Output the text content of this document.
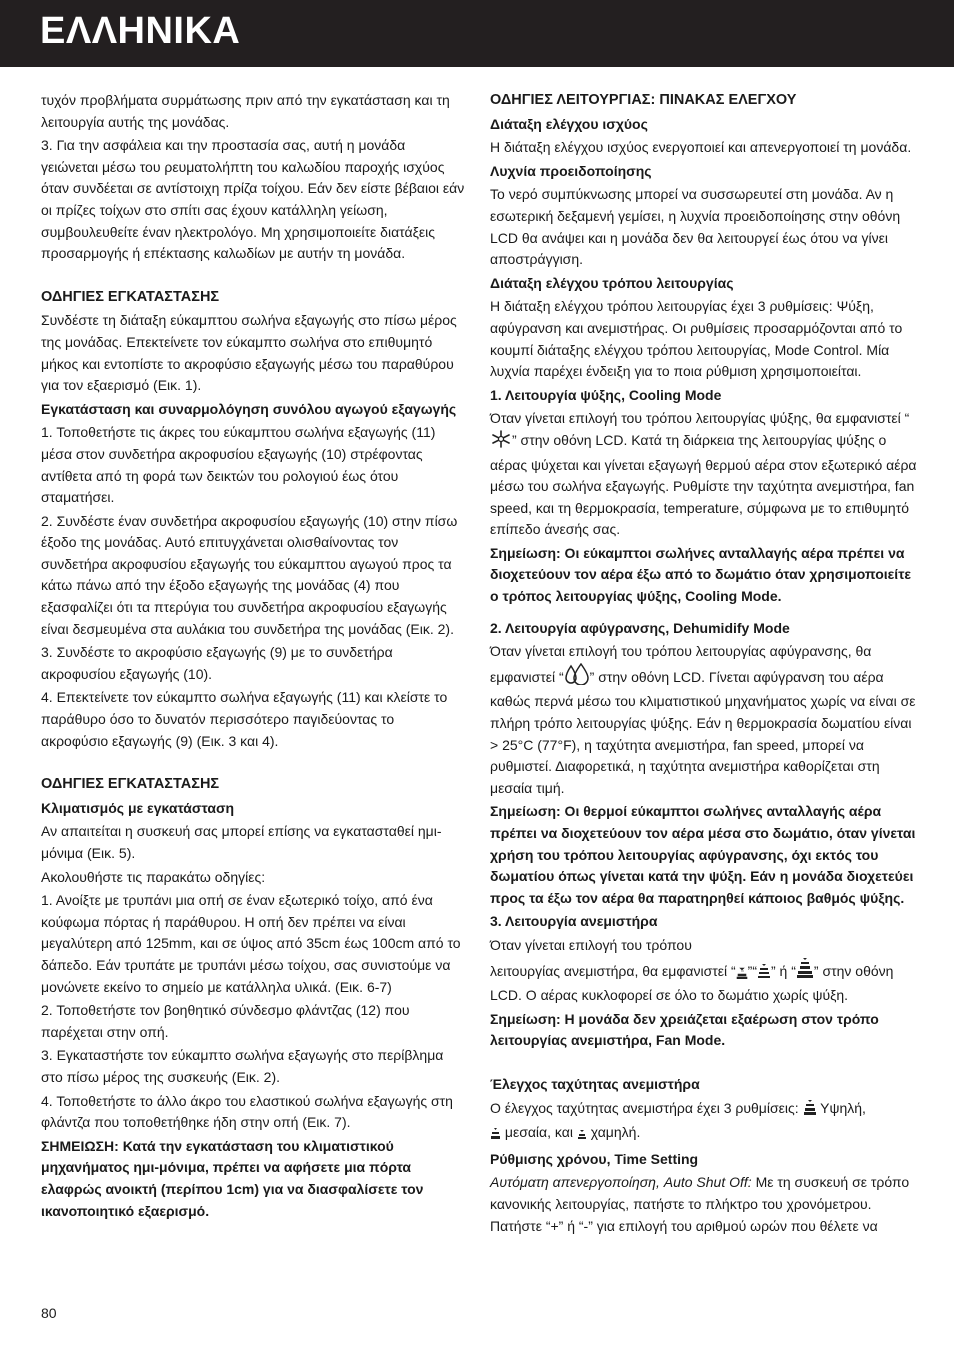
ΕΛΛΗΝΙΚΑ

τυχόν προβλήματα συρμάτωσης πριν από την εγκατάσταση και τη λειτουργία αυτής της μονάδας.

3. Για την ασφάλεια και την προστασία σας, αυτή η μονάδα γειώνεται μέσω του ρευματολήπτη του καλωδίου παροχής ισχύος όταν συνδέεται σε αντίστοιχη πρίζα τοίχου. Εάν δεν είστε βέβαιοι εάν οι πρίζες τοίχων στο σπίτι σας έχουν κατάλληλη γείωση, συμβουλευθείτε έναν ηλεκτρολόγο. Μη χρησιμοποιείτε διατάξεις προσαρμογής ή επέκτασης καλωδίων με αυτήν τη μονάδα.

ΟΔΗΓΙΕΣ ΕΓΚΑΤΑΣΤΑΣΗΣ

Συνδέστε τη διάταξη εύκαμπτου σωλήνα εξαγωγής στο πίσω μέρος της μονάδας. Επεκτείνετε τον εύκαμπτο σωλήνα στο επιθυμητό μήκος και εντοπίστε το ακροφύσιο εξαγωγής μέσω του παραθύρου για τον εξαερισμό (Εικ. 1).

Εγκατάσταση και συναρμολόγηση συνόλου αγωγού εξαγωγής

1. Τοποθετήστε τις άκρες του εύκαμπτου σωλήνα εξαγωγής (11) μέσα στον συνδετήρα ακροφυσίου εξαγωγής (10) στρέφοντας αντίθετα από τη φορά των δεικτών του ρολογιού έως ότου σταματήσει.

2. Συνδέστε έναν συνδετήρα ακροφυσίου εξαγωγής (10) στην πίσω έξοδο της μονάδας. Αυτό επιτυγχάνεται ολισθαίνοντας τον συνδετήρα ακροφυσίου εξαγωγής του εύκαμπτου αγωγού προς τα κάτω πάνω από την έξοδο εξαγωγής της μονάδας (4) που εξασφαλίζει ότι τα πτερύγια του συνδετήρα ακροφυσίου εξαγωγής είναι δεσμευμένα στα αυλάκια του συνδετήρα της μονάδας (Εικ. 2).

3. Συνδέστε το ακροφύσιο εξαγωγής (9) με το συνδετήρα ακροφυσίου εξαγωγής (10).

4. Επεκτείνετε τον εύκαμπτο σωλήνα εξαγωγής (11) και κλείστε το παράθυρο όσο το δυνατόν περισσότερο παγιδεύοντας το ακροφύσιο εξαγωγής (9) (Εικ. 3 και 4).

ΟΔΗΓΙΕΣ ΕΓΚΑΤΑΣΤΑΣΗΣ

Κλιματισμός με εγκατάσταση

Αν απαιτείται η συσκευή σας μπορεί επίσης να εγκατασταθεί ημι-μόνιμα (Εικ. 5).

Ακολουθήστε τις παρακάτω οδηγίες:

1. Ανοίξτε με τρυπάνι μια οπή σε έναν εξωτερικό τοίχο, από ένα κούφωμα πόρτας ή παράθυρου. Η οπή δεν πρέπει να είναι μεγαλύτερη από 125mm, και σε ύψος από 35cm έως 100cm από το δάπεδο. Εάν τρυπάτε με τρυπάνι μέσω τοίχου, σας συνιστούμε να μονώνετε εκείνο το σημείο με κατάλληλα υλικά. (Εικ. 6-7)

2. Τοποθετήστε τον βοηθητικό σύνδεσμο φλάντζας (12) που παρέχεται στην οπή.

3. Εγκαταστήστε τον εύκαμπτο σωλήνα εξαγωγής στο περίβλημα στο πίσω μέρος της συσκευής (Εικ. 2).

4. Τοποθετήστε το άλλο άκρο του ελαστικού σωλήνα εξαγωγής στη φλάντζα που τοποθετήθηκε ήδη στην οπή (Εικ. 7).

ΣΗΜΕΙΩΣΗ: Κατά την εγκατάσταση του κλιματιστικού μηχανήματος ημι-μόνιμα, πρέπει να αφήσετε μια πόρτα ελαφρώς ανοικτή (περίπου 1cm) για να διασφαλίσετε τον ικανοποιητικό εξαερισμό.

ΟΔΗΓΙΕΣ ΛΕΙΤΟΥΡΓΙΑΣ: ΠΙΝΑΚΑΣ ΕΛΕΓΧΟΥ

Διάταξη ελέγχου ισχύος

Η διάταξη ελέγχου ισχύος ενεργοποιεί και απενεργοποιεί τη μονάδα.

Λυχνία προειδοποίησης

Το νερό συμπύκνωσης μπορεί να συσσωρευτεί στη μονάδα. Αν η εσωτερική δεξαμενή γεμίσει, η λυχνία προειδοποίησης στην οθόνη LCD θα ανάψει και η μονάδα δεν θα λειτουργεί έως ότου να γίνει αποστράγγιση.

Διάταξη ελέγχου τρόπου λειτουργίας

Η διάταξη ελέγχου τρόπου λειτουργίας έχει 3 ρυθμίσεις: Ψύξη, αφύγρανση και ανεμιστήρας. Οι ρυθμίσεις προσαρμόζονται από το κουμπί διάταξης ελέγχου τρόπου λειτουργίας, Mode Control. Μία λυχνία παρέχει ένδειξη για το ποια ρύθμιση χρησιμοποιείται.

1. Λειτουργία ψύξης, Cooling Mode

Όταν γίνεται επιλογή του τρόπου λειτουργίας ψύξης, θα εμφανιστεί “” στην οθόνη LCD. Κατά τη διάρκεια της λειτουργίας ψύξης ο αέρας ψύχεται και γίνεται εξαγωγή θερμού αέρα στον εξωτερικό αέρα μέσω του σωλήνα εξαγωγής. Ρυθμίστε την ταχύτητα ανεμιστήρα, fan speed, και τη θερμοκρασία, temperature, σύμφωνα με το επιθυμητό επίπεδο άνεσής σας.

Σημείωση: Οι εύκαμπτοι σωλήνες ανταλλαγής αέρα πρέπει να διοχετεύουν τον αέρα έξω από το δωμάτιο όταν χρησιμοποιείτε ο τρόπος λειτουργίας ψύξης, Cooling Mode.

2. Λειτουργία αφύγρανσης, Dehumidify Mode

Όταν γίνεται επιλογή του τρόπου λειτουργίας αφύγρανσης, θα εμφανιστεί “ ” στην οθόνη LCD. Γίνεται αφύγρανση του αέρα καθώς περνά μέσω του κλιματιστικού μηχανήματος χωρίς να είναι σε πλήρη τρόπο λειτουργίας ψύξης. Εάν η θερμοκρασία δωματίου είναι > 25°C (77°F), η ταχύτητα ανεμιστήρα, fan speed, μπορεί να ρυθμιστεί. Διαφορετικά, η ταχύτητα ανεμιστήρα καθορίζεται στη μεσαία τιμή.

Σημείωση: Οι θερμοί εύκαμπτοι σωλήνες ανταλλαγής αέρα πρέπει να διοχετεύουν τον αέρα μέσα στο δωμάτιο, όταν γίνεται χρήση του τρόπου λειτουργίας αφύγρανσης, όχι εκτός του δωματίου όπως γίνεται κατά την ψύξη. Εάν η μονάδα διοχετεύει προς τα έξω τον αέρα θα παρατηρηθεί κάποιος βαθμός ψύξης.

3. Λειτουργία ανεμιστήρα

Όταν γίνεται επιλογή του τρόπου
λειτουργίας ανεμιστήρα, θα εμφανιστεί “ ”“ ” ή “ ” στην οθόνη LCD. Ο αέρας κυκλοφορεί σε όλο το δωμάτιο χωρίς ψύξη.

Σημείωση: Η μονάδα δεν χρειάζεται εξαέρωση στον τρόπο λειτουργίας ανεμιστήρα, Fan Mode.

Έλεγχος ταχύτητας ανεμιστήρα

Ο έλεγχος ταχύτητας ανεμιστήρα έχει 3 ρυθμίσεις: Υψηλή,
μεσαία, και χαμηλή.

Ρύθμισης χρόνου, Time Setting

Αυτόματη απενεργοποίηση, Auto Shut Off: Με τη συσκευή σε τρόπο κανονικής λειτουργίας, πατήστε το πλήκτρο του χρονόμετρου. Πατήστε “+” ή “-” για επιλογή του αριθμού ωρών που θέλετε να

80
